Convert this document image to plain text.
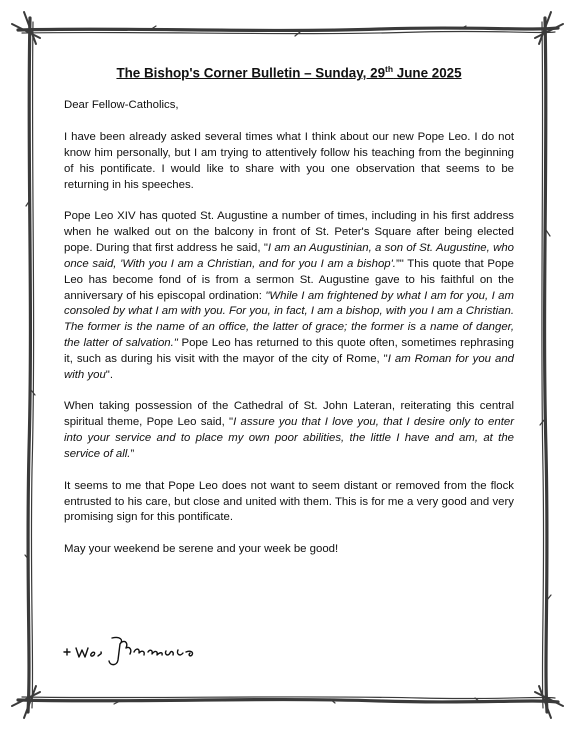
The Bishop's Corner Bulletin – Sunday, 29th June 2025

Dear Fellow-Catholics,

I have been already asked several times what I think about our new Pope Leo. I do not know him personally, but I am trying to attentively follow his teaching from the beginning of his pontificate. I would like to share with you one observation that seems to be returning in his speeches.

Pope Leo XIV has quoted St. Augustine a number of times, including in his first address when he walked out on the balcony in front of St. Peter's Square after being elected pope. During that first address he said, "I am an Augustinian, a son of St. Augustine, who once said, 'With you I am a Christian, and for you I am a bishop'.”" This quote that Pope Leo has become fond of is from a sermon St. Augustine gave to his faithful on the anniversary of his episcopal ordination: "While I am frightened by what I am for you, I am consoled by what I am with you. For you, in fact, I am a bishop, with you I am a Christian. The former is the name of an office, the latter of grace; the former is a name of danger, the latter of salvation." Pope Leo has returned to this quote often, sometimes rephrasing it, such as during his visit with the mayor of the city of Rome, "I am Roman for you and with you".

When taking possession of the Cathedral of St. John Lateran, reiterating this central spiritual theme, Pope Leo said, "I assure you that I love you, that I desire only to enter into your service and to place my own poor abilities, the little I have and am, at the service of all.”

It seems to me that Pope Leo does not want to seem distant or removed from the flock entrusted to his care, but close and united with them. This is for me a very good and very promising sign for this pontificate.

May your weekend be serene and your week be good!
